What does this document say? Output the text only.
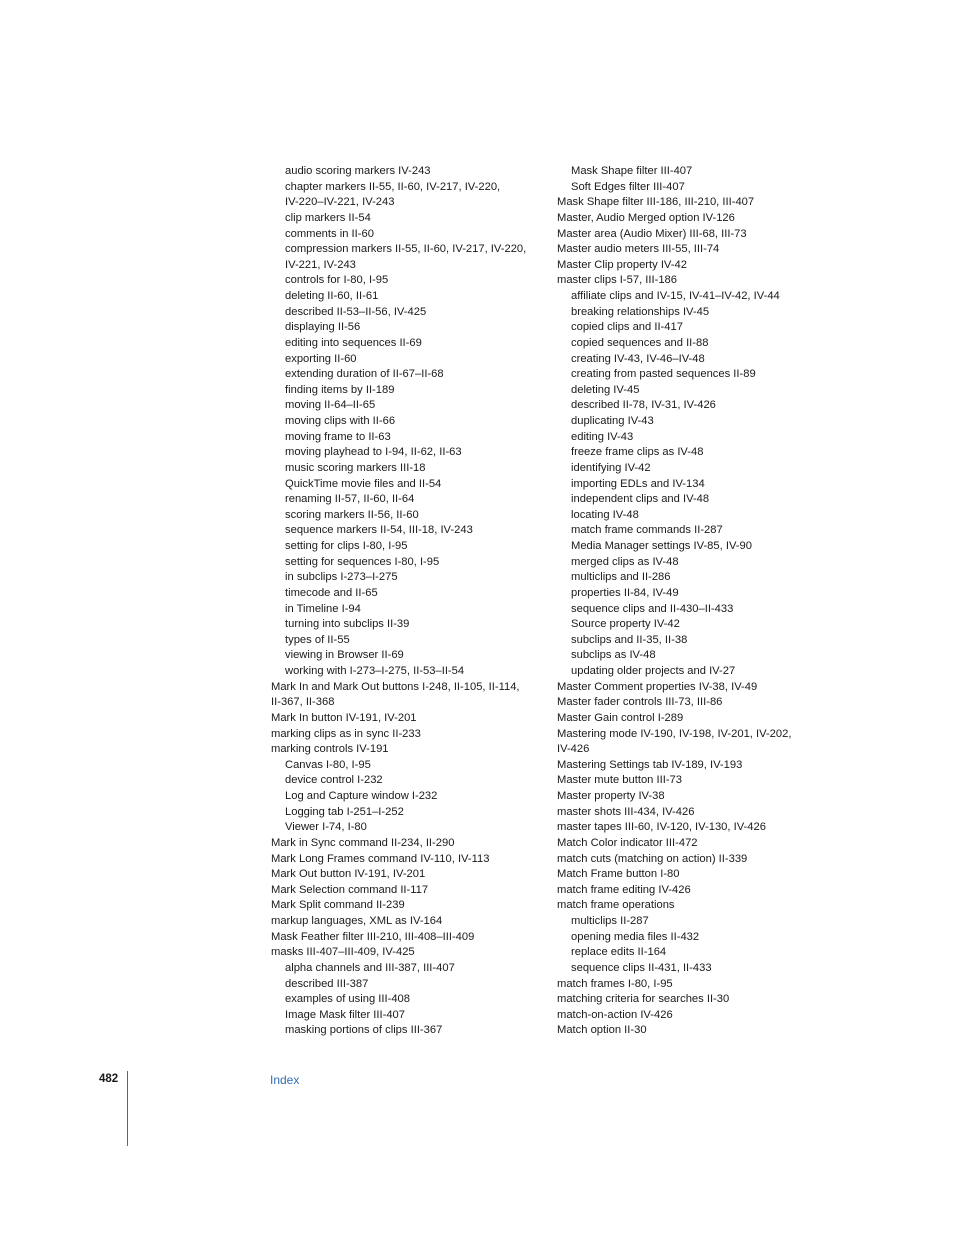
audio scoring markers IV-243
chapter markers II-55, II-60, IV-217, IV-220,
IV-220–IV-221, IV-243
clip markers II-54
comments in II-60
compression markers II-55, II-60, IV-217, IV-220,
IV-221, IV-243
controls for I-80, I-95
deleting II-60, II-61
described II-53–II-56, IV-425
displaying II-56
editing into sequences II-69
exporting II-60
extending duration of II-67–II-68
finding items by II-189
moving II-64–II-65
moving clips with II-66
moving frame to II-63
moving playhead to I-94, II-62, II-63
music scoring markers III-18
QuickTime movie files and II-54
renaming II-57, II-60, II-64
scoring markers II-56, II-60
sequence markers II-54, III-18, IV-243
setting for clips I-80, I-95
setting for sequences I-80, I-95
in subclips I-273–I-275
timecode and II-65
in Timeline I-94
turning into subclips II-39
types of II-55
viewing in Browser II-69
working with I-273–I-275, II-53–II-54
Mark In and Mark Out buttons I-248, II-105, II-114,
II-367, II-368
Mark In button IV-191, IV-201
marking clips as in sync II-233
marking controls IV-191
Canvas I-80, I-95
device control I-232
Log and Capture window I-232
Logging tab I-251–I-252
Viewer I-74, I-80
Mark in Sync command II-234, II-290
Mark Long Frames command IV-110, IV-113
Mark Out button IV-191, IV-201
Mark Selection command II-117
Mark Split command II-239
markup languages, XML as IV-164
Mask Feather filter III-210, III-408–III-409
masks III-407–III-409, IV-425
alpha channels and III-387, III-407
described III-387
examples of using III-408
Image Mask filter III-407
masking portions of clips III-367
Mask Shape filter III-407
Soft Edges filter III-407
Mask Shape filter III-186, III-210, III-407
Master, Audio Merged option IV-126
Master area (Audio Mixer) III-68, III-73
Master audio meters III-55, III-74
Master Clip property IV-42
master clips I-57, III-186
affiliate clips and IV-15, IV-41–IV-42, IV-44
breaking relationships IV-45
copied clips and II-417
copied sequences and II-88
creating IV-43, IV-46–IV-48
creating from pasted sequences II-89
deleting IV-45
described II-78, IV-31, IV-426
duplicating IV-43
editing IV-43
freeze frame clips as IV-48
identifying IV-42
importing EDLs and IV-134
independent clips and IV-48
locating IV-48
match frame commands II-287
Media Manager settings IV-85, IV-90
merged clips as IV-48
multiclips and II-286
properties II-84, IV-49
sequence clips and II-430–II-433
Source property IV-42
subclips and II-35, II-38
subclips as IV-48
updating older projects and IV-27
Master Comment properties IV-38, IV-49
Master fader controls III-73, III-86
Master Gain control I-289
Mastering mode IV-190, IV-198, IV-201, IV-202,
IV-426
Mastering Settings tab IV-189, IV-193
Master mute button III-73
Master property IV-38
master shots III-434, IV-426
master tapes III-60, IV-120, IV-130, IV-426
Match Color indicator III-472
match cuts (matching on action) II-339
Match Frame button I-80
match frame editing IV-426
match frame operations
multiclips II-287
opening media files II-432
replace edits II-164
sequence clips II-431, II-433
match frames I-80, I-95
matching criteria for searches II-30
match-on-action IV-426
Match option II-30
482	Index
